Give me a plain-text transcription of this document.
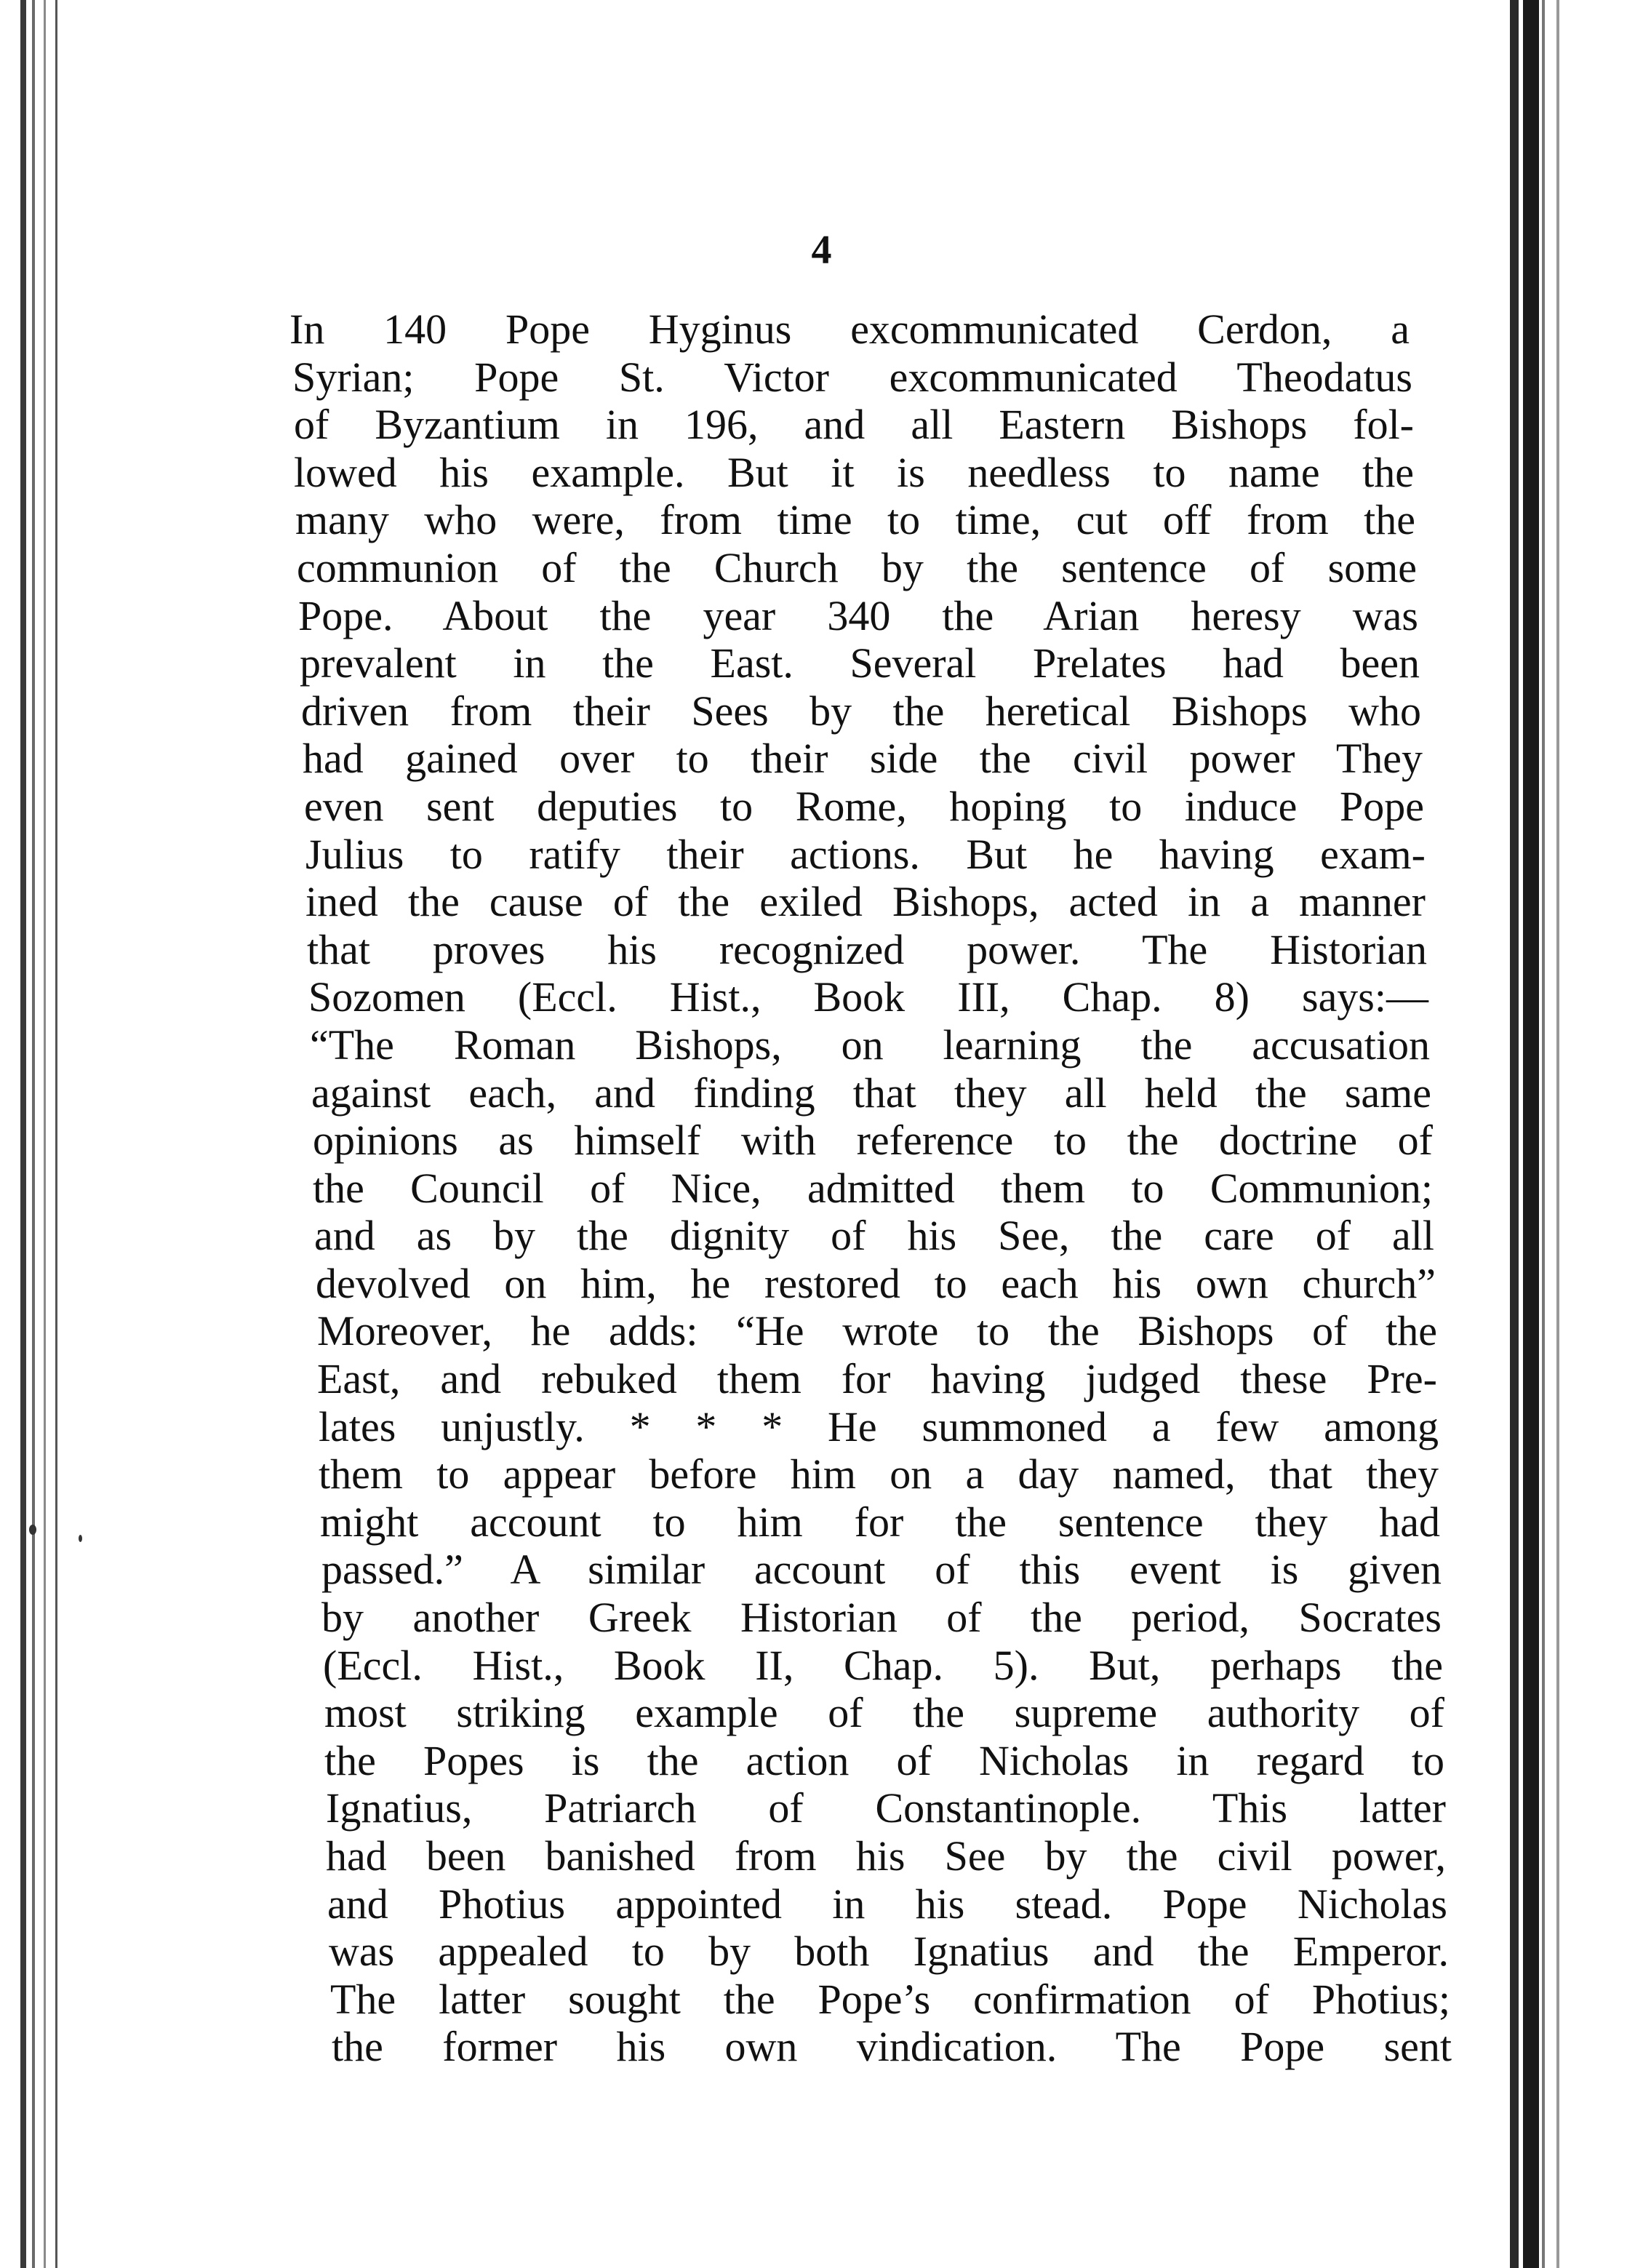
4
In 140 Pope Hyginus excommunicated Cerdon, a
Syrian; Pope St. Victor excommunicated Theodatus
of Byzantium in 196, and all Eastern Bishops fol-
lowed his example. But it is needless to name the
many who were, from time to time, cut off from the
communion of the Church by the sentence of some
Pope. About the year 340 the Arian heresy was
prevalent in the East. Several Prelates had been
driven from their Sees by the heretical Bishops who
had gained over to their side the civil power They
even sent deputies to Rome, hoping to induce Pope
Julius to ratify their actions. But he having exam-
ined the cause of the exiled Bishops, acted in a manner
that proves his recognized power. The Historian
Sozomen (Eccl. Hist., Book III, Chap. 8) says:—
“The Roman Bishops, on learning the accusation
against each, and finding that they all held the same
opinions as himself with reference to the doctrine of
the Council of Nice, admitted them to Communion;
and as by the dignity of his See, the care of all
devolved on him, he restored to each his own church”
Moreover, he adds: “He wrote to the Bishops of the
East, and rebuked them for having judged these Pre-
lates unjustly. * * * He summoned a few among
them to appear before him on a day named, that they
might account to him for the sentence they had
passed.” A similar account of this event is given
by another Greek Historian of the period, Socrates
(Eccl. Hist., Book II, Chap. 5). But, perhaps the
most striking example of the supreme authority of
the Popes is the action of Nicholas in regard to
Ignatius, Patriarch of Constantinople. This latter
had been banished from his See by the civil power,
and Photius appointed in his stead. Pope Nicholas
was appealed to by both Ignatius and the Emperor.
The latter sought the Pope’s confirmation of Photius;
the former his own vindication. The Pope sent
